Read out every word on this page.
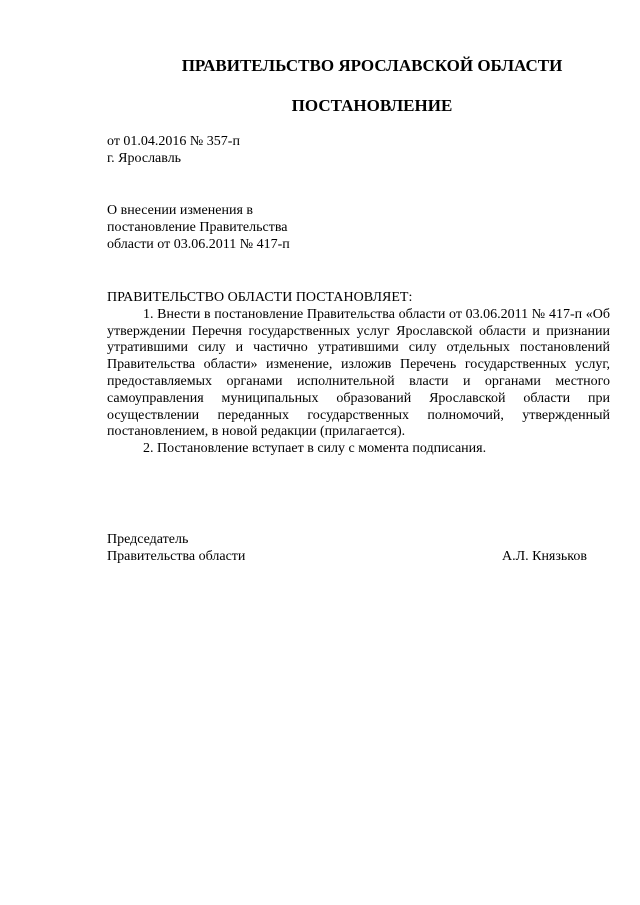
ПРАВИТЕЛЬСТВО ЯРОСЛАВСКОЙ ОБЛАСТИ
ПОСТАНОВЛЕНИЕ
от 01.04.2016 № 357-п
г. Ярославль
О внесении изменения в
постановление Правительства
области от 03.06.2011 № 417-п

ПРАВИТЕЛЬСТВО ОБЛАСТИ ПОСТАНОВЛЯЕТ:

1. Внести в постановление Правительства области от 03.06.2011 № 417-п «Об утверждении Перечня государственных услуг Ярославской области и признании утратившими силу и частично утратившими силу отдельных постановлений Правительства области» изменение, изложив Перечень государственных услуг, предоставляемых органами исполнительной власти и органами местного самоуправления муниципальных образований Ярославской области при осуществлении переданных государственных полномочий, утвержденный постановлением, в новой редакции (прилагается).

2. Постановление вступает в силу с момента подписания.

Председатель
Правительства области	А.Л. Князьков
